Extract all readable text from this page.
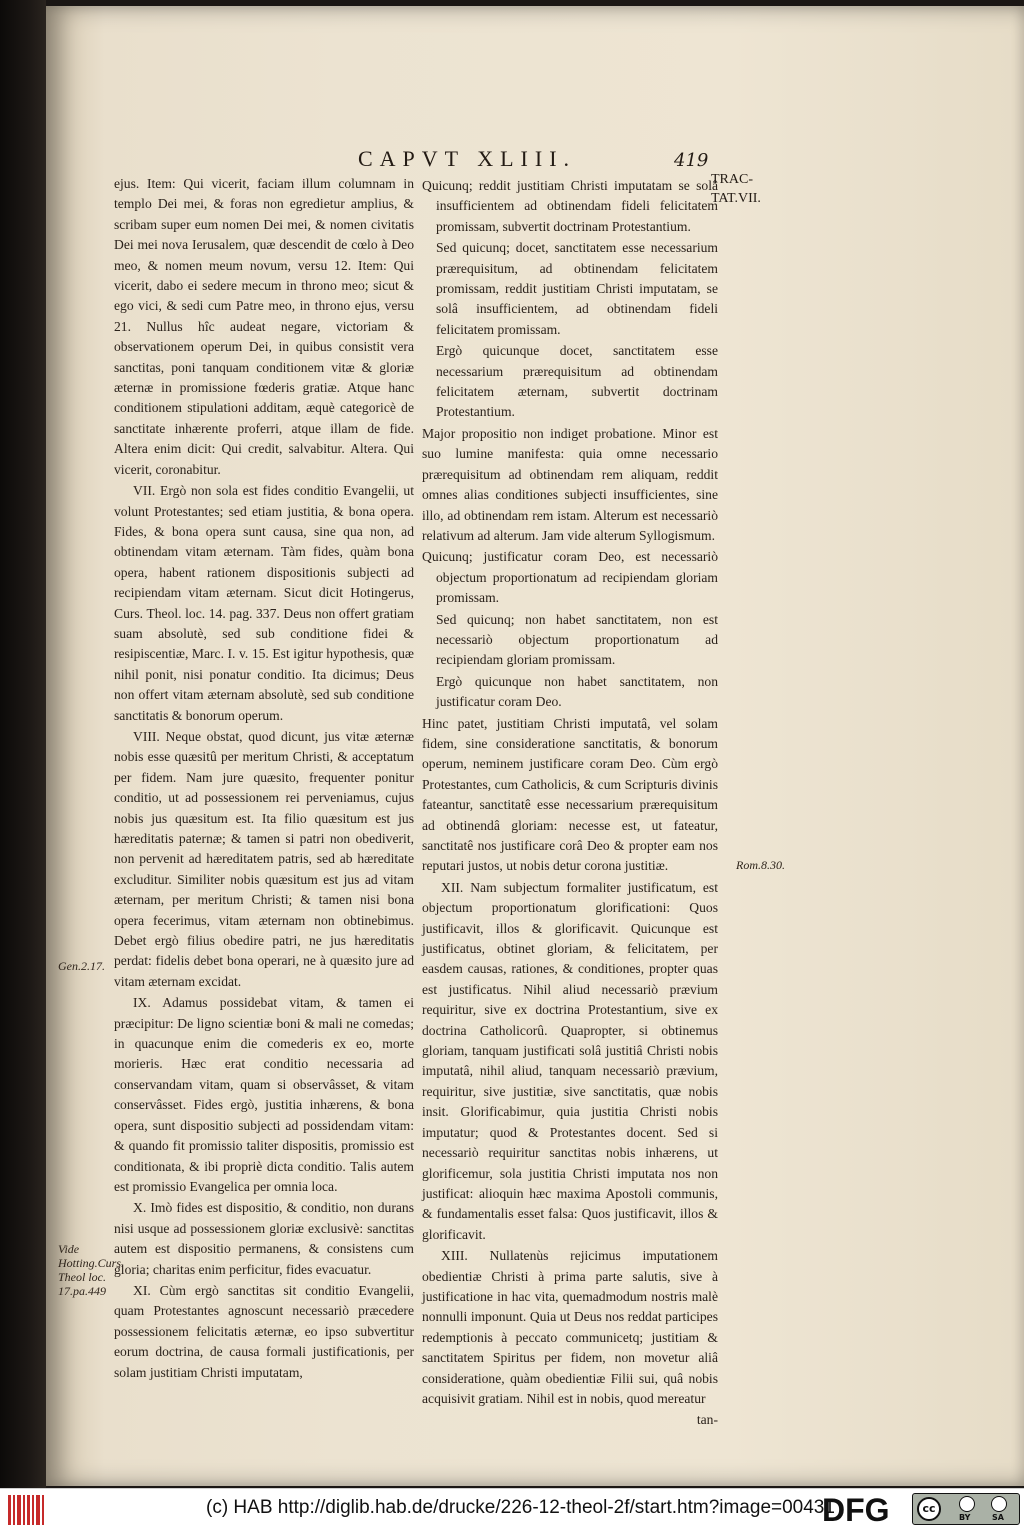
CAPVT XLIII.	419
TRAC- TAT.VII.

ejus. Item: Qui vicerit, faciam illum columnam in templo Dei mei, & foras non egredietur amplius, & scribam super eum nomen Dei mei, & nomen civitatis Dei mei nova Ierusalem, quæ descendit de cœlo à Deo meo, & nomen meum novum, versu 12. Item: Qui vicerit, dabo ei sedere mecum in throno meo; sicut & ego vici, & sedi cum Patre meo, in throno ejus, versu 21. Nullus hîc audeat negare, victoriam & observationem operum Dei, in quibus consistit vera sanctitas, poni tanquam conditionem vitæ & gloriæ æternæ in promissione fœderis gratiæ. Atque hanc conditionem stipulationi additam, æquè categoricè de sanctitate inhærente proferri, atque illam de fide. Altera enim dicit: Qui credit, salvabitur. Altera. Qui vicerit, coronabitur.

VII. Ergò non sola est fides conditio Evangelii, ut volunt Protestantes; sed etiam justitia, & bona opera. Fides, & bona opera sunt causa, sine qua non, ad obtinendam vitam æternam. Tàm fides, quàm bona opera, habent rationem dispositionis subjecti ad recipiendam vitam æternam. Sicut dicit Hotingerus, Curs. Theol. loc. 14. pag. 337. Deus non offert gratiam suam absolutè, sed sub conditione fidei & resipiscentiæ, Marc. I. v. 15. Est igitur hypothesis, quæ nihil ponit, nisi ponatur conditio. Ita dicimus; Deus non offert vitam æternam absolutè, sed sub conditione sanctitatis & bonorum operum.

VIII. Neque obstat, quod dicunt, jus vitæ æternæ nobis esse quæsitû per meritum Christi, & acceptatum per fidem. Nam jure quæsito, frequenter ponitur conditio, ut ad possessionem rei perveniamus, cujus nobis jus quæsitum est. Ita filio quæsitum est jus hæreditatis paternæ; & tamen si patri non obediverit, non pervenit ad hæreditatem patris, sed ab hæreditate excluditur. Similiter nobis quæsitum est jus ad vitam æternam, per meritum Christi; & tamen nisi bona opera fecerimus, vitam æternam non obtinebimus. Debet ergò filius obedire patri, ne jus hæreditatis perdat: fidelis debet bona operari, ne à quæsito jure ad vitam æternam excidat.

IX. Adamus possidebat vitam, & tamen ei præcipitur: De ligno scientiæ boni & mali ne comedas; in quacunque enim die comederis ex eo, morte morieris. Hæc erat conditio necessaria ad conservandam vitam, quam si observâsset, & vitam conservâsset. Fides ergò, justitia inhærens, & bona opera, sunt dispositio subjecti ad possidendam vitam: & quando fit promissio taliter dispositis, promissio est conditionata, & ibi propriè dicta conditio. Talis autem est promissio Evangelica per omnia loca.

X. Imò fides est dispositio, & conditio, non durans nisi usque ad possessionem gloriæ exclusivè: sanctitas autem est dispositio permanens, & consistens cum gloria; charitas enim perficitur, fides evacuatur.

XI. Cùm ergò sanctitas sit conditio Evangelii, quam Protestantes agnoscunt necessariò præcedere possessionem felicitatis æternæ, eo ipso subvertitur eorum doctrina, de causa formali justificationis, per solam justitiam Christi imputatam,

Quicunq; reddit justitiam Christi imputatam se solâ insufficientem ad obtinendam fideli felicitatem promissam, subvertit doctrinam Protestantium.

Sed quicunq; docet, sanctitatem esse necessarium prærequisitum, ad obtinendam felicitatem promissam, reddit justitiam Christi imputatam, se solâ insufficientem, ad obtinendam fideli felicitatem promissam.

Ergò quicunque docet, sanctitatem esse necessarium prærequisitum ad obtinendam felicitatem æternam, subvertit doctrinam Protestantium.

Major propositio non indiget probatione. Minor est suo lumine manifesta: quia omne necessario prærequisitum ad obtinendam rem aliquam, reddit omnes alias conditiones subjecti insufficientes, sine illo, ad obtinendam rem istam. Alterum est necessariò relativum ad alterum. Jam vide alterum Syllogismum.

Quicunq; justificatur coram Deo, est necessariò objectum proportionatum ad recipiendam gloriam promissam.

Sed quicunq; non habet sanctitatem, non est necessariò objectum proportionatum ad recipiendam gloriam promissam.

Ergò quicunque non habet sanctitatem, non justificatur coram Deo.

Hinc patet, justitiam Christi imputatâ, vel solam fidem, sine consideratione sanctitatis, & bonorum operum, neminem justificare coram Deo. Cùm ergò Protestantes, cum Catholicis, & cum Scripturis divinis fateantur, sanctitatê esse necessarium prærequisitum ad obtinendâ gloriam: necesse est, ut fateatur, sanctitatê nos justificare corâ Deo & propter eam nos reputari justos, ut nobis detur corona justitiæ.

XII. Nam subjectum formaliter justificatum, est objectum proportionatum glorificationi: Quos justificavit, illos & glorificavit. Quicunque est justificatus, obtinet gloriam, & felicitatem, per easdem causas, rationes, & conditiones, propter quas est justificatus. Nihil aliud necessariò prævium requiritur, sive ex doctrina Protestantium, sive ex doctrina Catholicorû. Quapropter, si obtinemus gloriam, tanquam justificati solâ justitiâ Christi nobis imputatâ, nihil aliud, tanquam necessariò prævium, requiritur, sive justitiæ, sive sanctitatis, quæ nobis insit. Glorificabimur, quia justitia Christi nobis imputatur; quod & Protestantes docent. Sed si necessariò requiritur sanctitas nobis inhærens, ut glorificemur, sola justitia Christi imputata nos non justificat: alioquin hæc maxima Apostoli communis, & fundamentalis esset falsa: Quos justificavit, illos & glorificavit.

XIII. Nullatenùs rejicimus imputationem obedientiæ Christi à prima parte salutis, sive à justificatione in hac vita, quemadmodum nostris malè nonnulli imponunt. Quia ut Deus nos reddat participes redemptionis à peccato communicetq; justitiam & sanctitatem Spiritus per fidem, non movetur aliâ consideratione, quàm obedientiæ Filii sui, quâ nobis acquisivit gratiam. Nihil est in nobis, quod mereatur

tan-

Gen.2.17.
Vide Hotting.Curs. Theol loc. 17.pa.449
Rom.8.30.
(c) HAB http://diglib.hab.de/drucke/226-12-theol-2f/start.htm?image=00431
DFG	cc
BY	SA
